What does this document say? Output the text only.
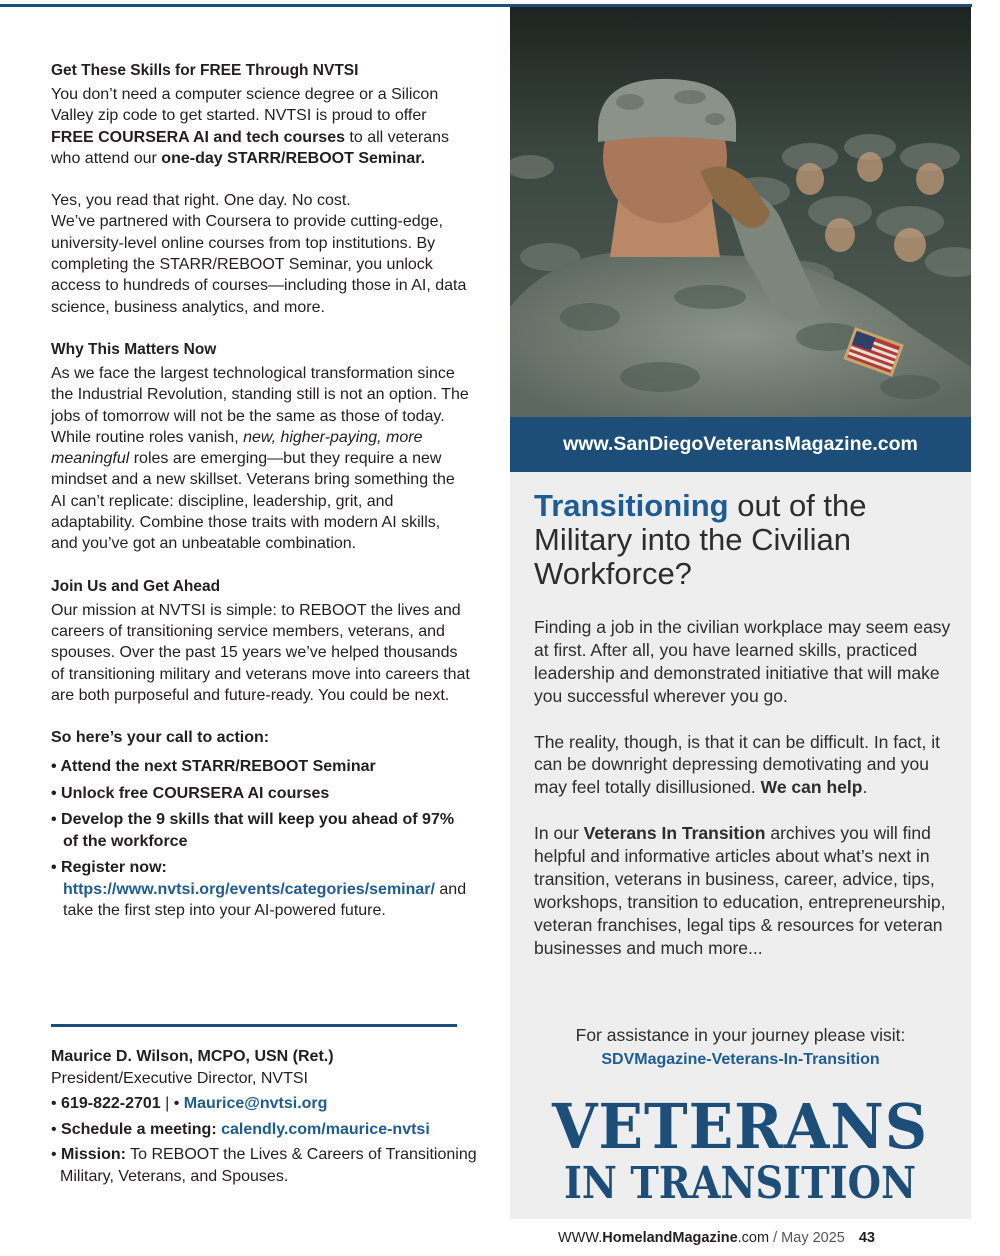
Get These Skills for FREE Through NVTSI

You don’t need a computer science degree or a Silicon Valley zip code to get started. NVTSI is proud to offer FREE COURSERA AI and tech courses to all veterans who attend our one-day STARR/REBOOT Seminar.

Yes, you read that right. One day. No cost.
We’ve partnered with Coursera to provide cutting-edge, university-level online courses from top institutions. By completing the STARR/REBOOT Seminar, you unlock access to hundreds of courses—including those in AI, data science, business analytics, and more.

Why This Matters Now

As we face the largest technological transformation since the Industrial Revolution, standing still is not an option. The jobs of tomorrow will not be the same as those of today. While routine roles vanish, new, higher-paying, more meaningful roles are emerging—but they require a new mindset and a new skillset. Veterans bring something the AI can’t replicate: discipline, leadership, grit, and adaptability. Combine those traits with modern AI skills, and you’ve got an unbeatable combination.

Join Us and Get Ahead

Our mission at NVTSI is simple: to REBOOT the lives and careers of transitioning service members, veterans, and spouses. Over the past 15 years we’ve helped thousands of transitioning military and veterans move into careers that are both purposeful and future-ready. You could be next.

So here’s your call to action:
• Attend the next STARR/REBOOT Seminar
• Unlock free COURSERA AI courses
• Develop the 9 skills that will keep you ahead of 97% of the workforce
• Register now: https://www.nvtsi.org/events/categories/seminar/ and take the first step into your AI-powered future.
Maurice D. Wilson, MCPO, USN (Ret.)
President/Executive Director, NVTSI
• 619-822-2701 | • Maurice@nvtsi.org
• Schedule a meeting: calendly.com/maurice-nvtsi
• Mission: To REBOOT the Lives & Careers of Transitioning Military, Veterans, and Spouses.
www.SanDiegoVeteransMagazine.com
Transitioning out of the Military into the Civilian Workforce?

Finding a job in the civilian workplace may seem easy at first. After all, you have learned skills, practiced leadership and demonstrated initiative that will make you successful wherever you go.

The reality, though, is that it can be difficult. In fact, it can be downright depressing demotivating and you may feel totally disillusioned. We can help.

In our Veterans In Transition archives you will find helpful and informative articles about what’s next in transition, veterans in business, career, advice, tips, workshops, transition to education, entrepreneurship, veteran franchises, legal tips & resources for veteran businesses and much more...

For assistance in your journey please visit:
SDVMagazine-Veterans-In-Transition
VETERANS
IN TRANSITION
WWW.HomelandMagazine.com / May 2025 43
